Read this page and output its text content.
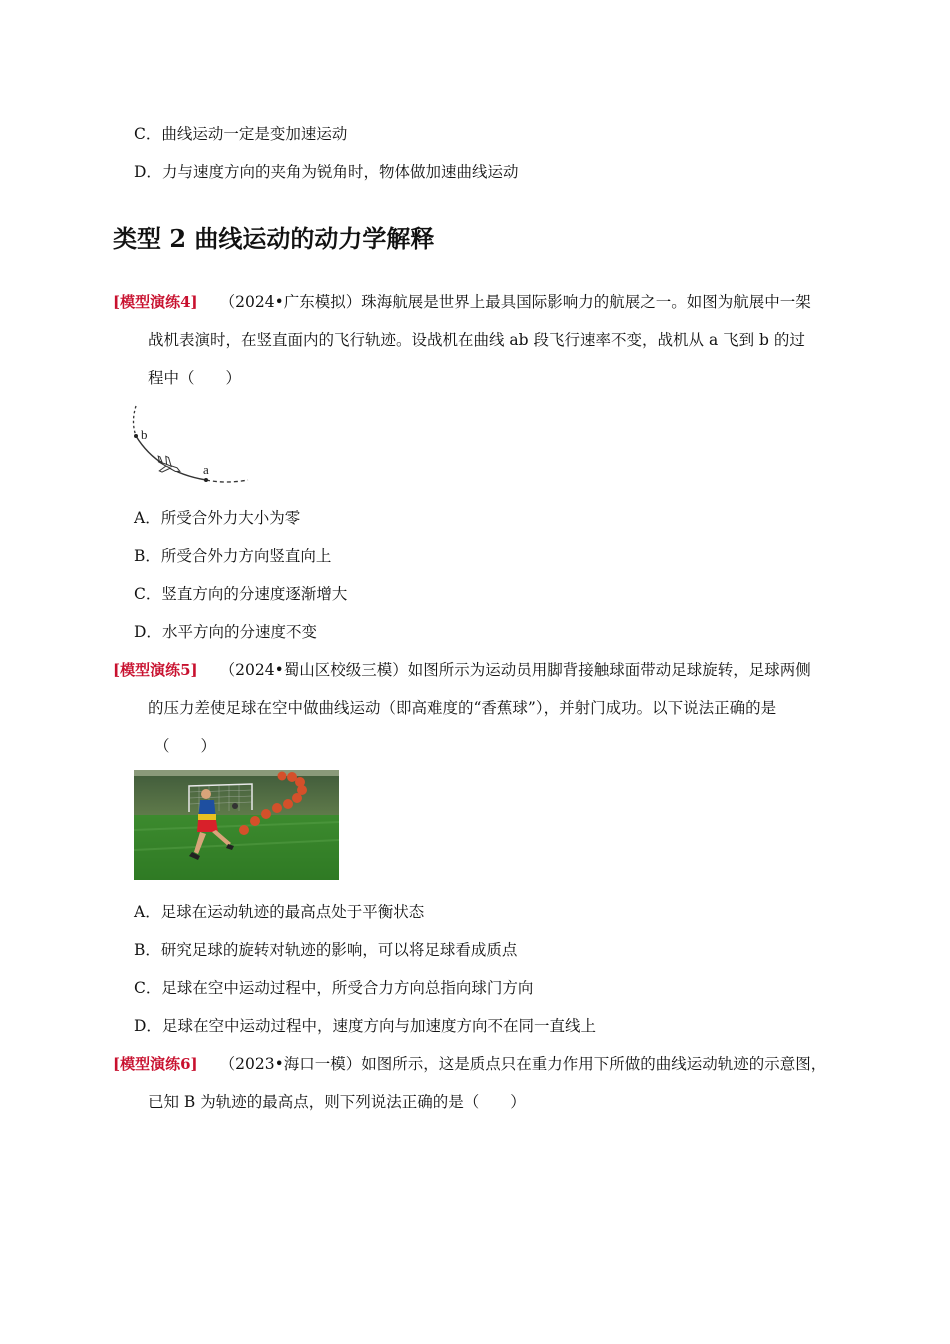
C．曲线运动一定是变加速运动
D．力与速度方向的夹角为锐角时，物体做加速曲线运动
类型 2 曲线运动的动力学解释
[模型演练4] （2024•广东模拟）珠海航展是世界上最具国际影响力的航展之一。如图为航展中一架
战机表演时，在竖直面内的飞行轨迹。设战机在曲线 ab 段飞行速率不变，战机从 a 飞到 b 的过
程中（　　）
b
a
A．所受合外力大小为零
B．所受合外力方向竖直向上
C．竖直方向的分速度逐渐增大
D．水平方向的分速度不变
[模型演练5] （2024•蜀山区校级三模）如图所示为运动员用脚背接触球面带动足球旋转，足球两侧
的压力差使足球在空中做曲线运动（即高难度的“香蕉球”），并射门成功。以下说法正确的是
（　　）
A．足球在运动轨迹的最高点处于平衡状态
B．研究足球的旋转对轨迹的影响，可以将足球看成质点
C．足球在空中运动过程中，所受合力方向总指向球门方向
D．足球在空中运动过程中，速度方向与加速度方向不在同一直线上
[模型演练6] （2023•海口一模）如图所示，这是质点只在重力作用下所做的曲线运动轨迹的示意图，
已知 B 为轨迹的最高点，则下列说法正确的是（　　）
